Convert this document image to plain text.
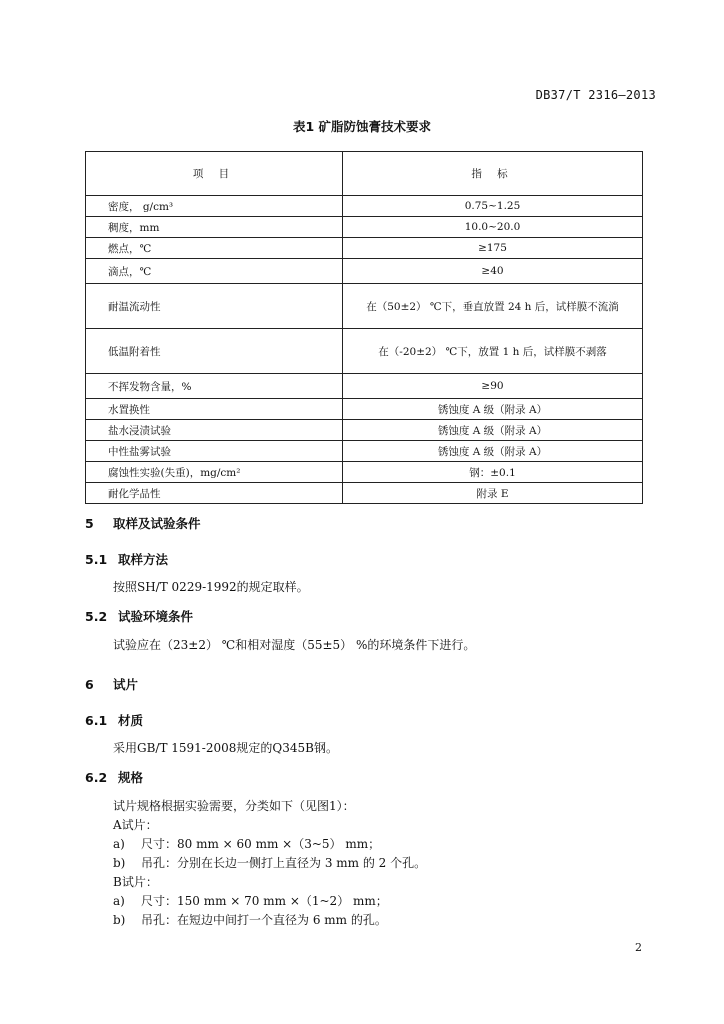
DB37/T 2316—2013
表1 矿脂防蚀膏技术要求
项 目	指 标
密度， g/cm³	0.75~1.25
稠度，mm	10.0~20.0
燃点，℃	≥175
滴点，℃	≥40
耐温流动性	在（50±2） ℃下，垂直放置 24 h 后，试样膜不流淌
低温附着性	在（-20±2） ℃下，放置 1 h 后，试样膜不剥落
不挥发物含量，%	≥90
水置换性	锈蚀度 A 级（附录 A）
盐水浸渍试验	锈蚀度 A 级（附录 A）
中性盐雾试验	锈蚀度 A 级（附录 A）
腐蚀性实验(失重)，mg/cm²	钢：±0.1
耐化学品性	附录 E
5 取样及试验条件
5.1 取样方法
按照SH/T 0229-1992的规定取样。
5.2 试验环境条件
试验应在（23±2） ℃和相对湿度（55±5） %的环境条件下进行。
6 试片
6.1 材质
采用GB/T 1591-2008规定的Q345B钢。
6.2 规格
试片规格根据实验需要，分类如下（见图1）：
A试片：
a) 尺寸：80 mm × 60 mm ×（3~5） mm；
b) 吊孔：分别在长边一侧打上直径为 3 mm 的 2 个孔。
B试片：
a) 尺寸：150 mm × 70 mm ×（1~2） mm；
b) 吊孔：在短边中间打一个直径为 6 mm 的孔。
2
